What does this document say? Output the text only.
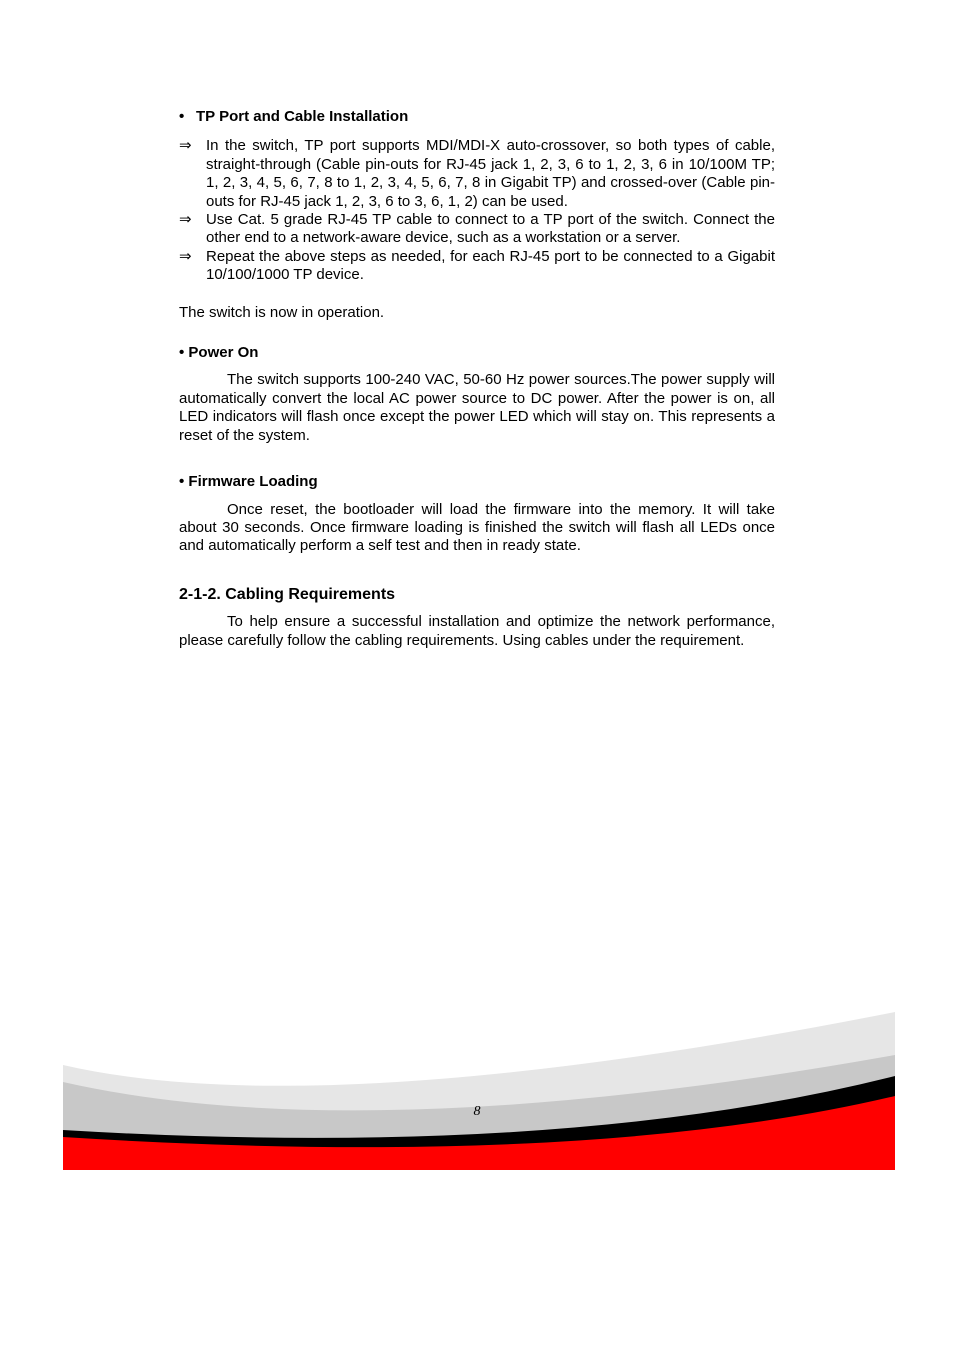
• TP Port and Cable Installation

⇒ In the switch, TP port supports MDI/MDI-X auto-crossover, so both types of cable, straight-through (Cable pin-outs for RJ-45 jack 1, 2, 3, 6 to 1, 2, 3, 6 in 10/100M TP; 1, 2, 3, 4, 5, 6, 7, 8 to 1, 2, 3, 4, 5, 6, 7, 8 in Gigabit TP) and crossed-over (Cable pin-outs for RJ-45 jack 1, 2, 3, 6 to 3, 6, 1, 2) can be used.
⇒ Use Cat. 5 grade RJ-45 TP cable to connect to a TP port of the switch. Connect the other end to a network-aware device, such as a workstation or a server.
⇒ Repeat the above steps as needed, for each RJ-45 port to be connected to a Gigabit 10/100/1000 TP device.

The switch is now in operation.

• Power On

The switch supports 100-240 VAC, 50-60 Hz power sources.The power supply will automatically convert the local AC power source to DC power. After the power is on, all LED indicators will flash once except the power LED which will stay on. This represents a reset of the system.

• Firmware Loading

Once reset, the bootloader will load the firmware into the memory. It will take about 30 seconds. Once firmware loading is finished the switch will flash all LEDs once and automatically perform a self test and then in ready state.

2-1-2. Cabling Requirements

To help ensure a successful installation and optimize the network performance, please carefully follow the cabling requirements. Using cables under the requirement.

8
